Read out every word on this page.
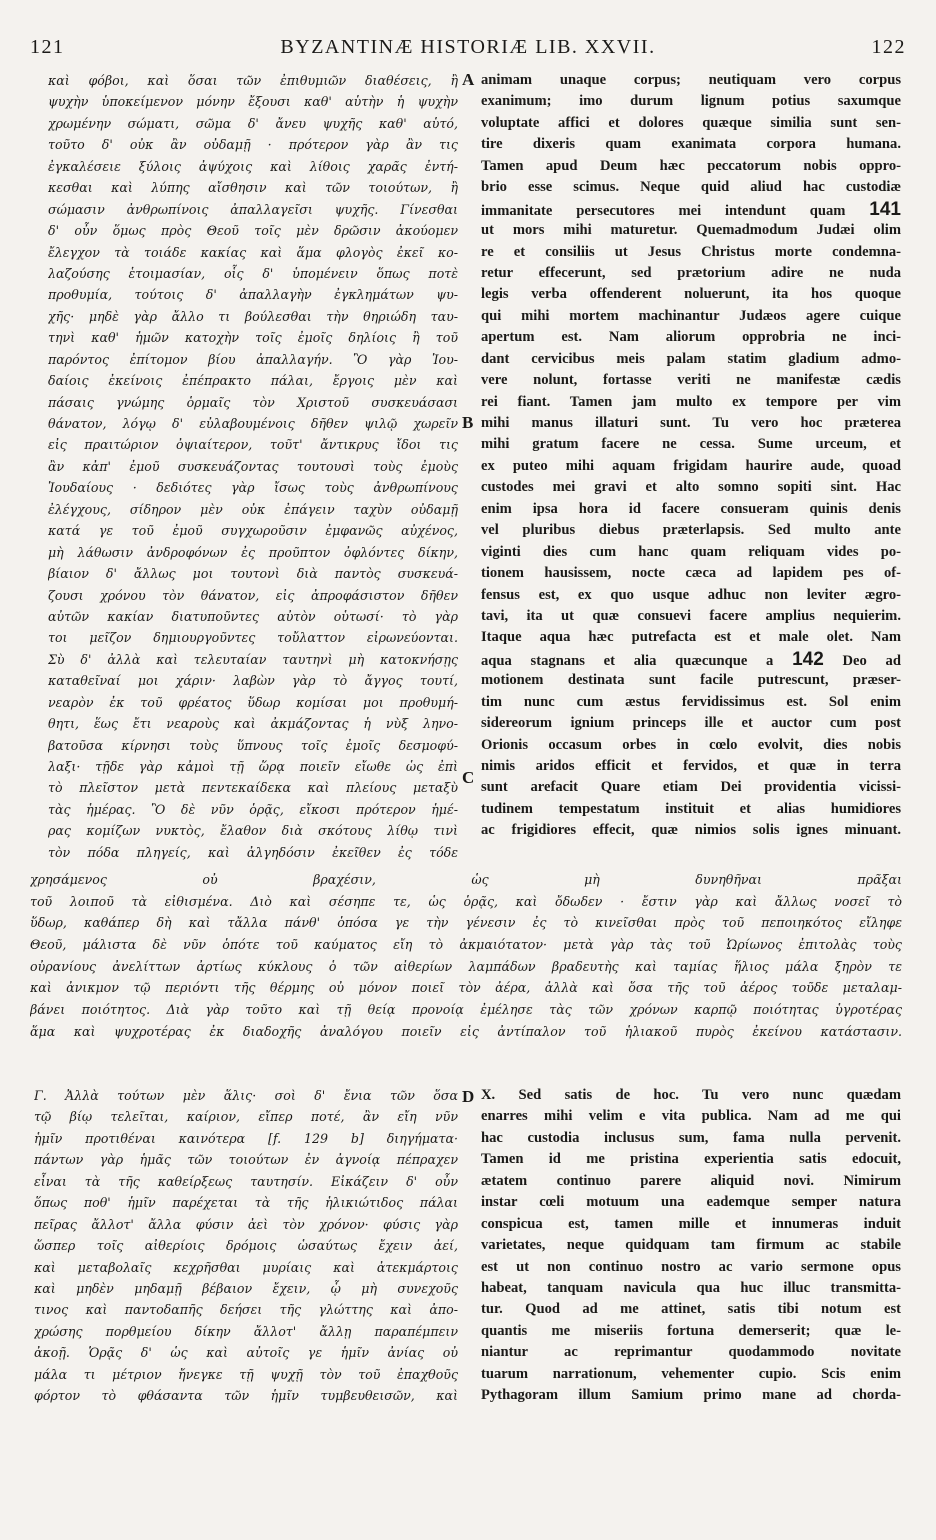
121	BYZANTINÆ HISTORIÆ LIB. XXVII.	122
καὶ φόβοι, καὶ ὅσαι τῶν ἐπιθυμιῶν διαθέσεις, ἢ
ψυχὴν ὑποκείμενον μόνην ἔξουσι καθ' αὑτὴν ἡ ψυχὴν
χρωμένην σώματι, σῶμα δ' ἄνευ ψυχῆς καθ' αὑτό,
τοῦτο δ' οὐκ ἂν οὐδαμῇ · πρότερον γὰρ ἂν τις
ἐγκαλέσειε ξύλοις ἀψύχοις καὶ λίθοις χαρᾶς ἐντή-
κεσθαι καὶ λύπης αἴσθησιν καὶ τῶν τοιούτων, ἢ
σώμασιν ἀνθρωπίνοις ἀπαλλαγεῖσι ψυχῆς. Γίνεσθαι
δ' οὖν ὅμως πρὸς Θεοῦ τοῖς μὲν δρῶσιν ἀκούομεν
ἔλεγχον τὰ τοιάδε κακίας καὶ ἅμα φλογὸς ἐκεῖ κο-
λαζούσης ἑτοιμασίαν, οἷς δ' ὑπομένειν ὅπως ποτὲ
προθυμία, τούτοις δ' ἀπαλλαγὴν ἐγκλημάτων ψυ-
χῆς· μηδὲ γὰρ ἄλλο τι βούλεσθαι τὴν θηριώδη ταυ-
τηνὶ καθ' ἡμῶν κατοχὴν τοῖς ἐμοῖς δηλίοις ἢ τοῦ
παρόντος ἐπίτομον βίου ἀπαλλαγήν. Ὃ γὰρ Ἰου-
δαίοις ἐκείνοις ἐπέπρακτο πάλαι, ἔργοις μὲν καὶ
πάσαις γνώμης ὁρμαῖς τὸν Χριστοῦ συσκευάσασι
θάνατον, λόγῳ δ' εὐλαβουμένοις δῆθεν ψιλῷ χωρεῖν
εἰς πραιτώριον ὀψιαίτερον, τοῦτ' ἄντικρυς ἴδοι τις
ἂν κἀπ' ἐμοῦ συσκευάζοντας τουτουσὶ τοὺς ἐμοὺς
Ἰουδαίους · δεδιότες γὰρ ἴσως τοὺς ἀνθρωπίνους
ἐλέγχους, σίδηρον μὲν οὐκ ἐπάγειν ταχὺν οὐδαμῇ
κατά γε τοῦ ἐμοῦ συγχωροῦσιν ἐμφανῶς αὐχένος,
μὴ λάθωσιν ἀνδροφόνων ἐς προῦπτον ὀφλόντες δίκην,
βίαιον δ' ἄλλως μοι τουτονὶ διὰ παντὸς συσκευά-
ζουσι χρόνου τὸν θάνατον, εἰς ἀπροφάσιστον δῆθεν
αὐτῶν κακίαν διατυποῦντες αὐτὸν οὑτωσί· τὸ γὰρ
τοι μεῖζον δημιουργοῦντες τοὔλαττον εἰρωνεύονται.
Σὺ δ' ἀλλὰ καὶ τελευταίαν ταυτηνὶ μὴ κατοκνήσῃς
καταθεῖναί μοι χάριν· λαβὼν γὰρ τὸ ἄγγος τουτί,
νεαρὸν ἐκ τοῦ φρέατος ὕδωρ κομίσαι μοι προθυμή-
θητι, ἕως ἔτι νεαροὺς καὶ ἀκμάζοντας ἡ νὺξ ληνο-
βατοῦσα κίρνησι τοὺς ὕπνους τοῖς ἐμοῖς δεσμοφύ-
λαξι· τῇδε γὰρ κἀμοὶ τῇ ὥρᾳ ποιεῖν εἴωθε ὡς ἐπὶ
τὸ πλεῖστον μετὰ πεντεκαίδεκα καὶ πλείους μεταξὺ
τὰς ἡμέρας. Ὃ δὲ νῦν ὁρᾷς, εἴκοσι πρότερον ἡμέ-
ρας κομίζων νυκτὸς, ἔλαθον διὰ σκότους λίθῳ τινὶ
τὸν πόδα πληγείς, καὶ ἀλγηδόσιν ἐκεῖθεν ἐς τόδε
animam unaque corpus; neutiquam vero corpus
exanimum; imo durum lignum potius saxumque
voluptate affici et dolores quæque similia sunt sen-
tire dixeris quam exanimata corpora humana.
Tamen apud Deum hæc peccatorum nobis oppro-
brio esse scimus. Neque quid aliud hac custodiæ
immanitate persecutores mei intendunt quam 141
ut mors mihi maturetur. Quemadmodum Judæi olim
re et consiliis ut Jesus Christus morte condemna-
retur effecerunt, sed prætorium adire ne nuda
legis verba offenderent noluerunt, ita hos quoque
qui mihi mortem machinantur Judæos agere cuique
apertum est. Nam aliorum opprobria ne inci-
dant cervicibus meis palam statim gladium admo-
vere nolunt, fortasse veriti ne manifestæ cædis
rei fiant. Tamen jam multo ex tempore per vim
mihi manus illaturi sunt. Tu vero hoc præterea
mihi gratum facere ne cessa. Sume urceum, et
ex puteo mihi aquam frigidam haurire aude, quoad
custodes mei gravi et alto somno sopiti sint. Hac
enim ipsa hora id facere consueram quinis denis
vel pluribus diebus præterlapsis. Sed multo ante
viginti dies cum hanc quam reliquam vides po-
tionem hausissem, nocte cæca ad lapidem pes of-
fensus est, ex quo usque adhuc non leviter ægro-
tavi, ita ut quæ consuevi facere amplius nequierim.
Itaque aqua hæc putrefacta est et male olet. Nam
aqua stagnans et alia quæcunque a 142 Deo ad
motionem destinata sunt facile putrescunt, præser-
tim nunc cum æstus fervidissimus est. Sol enim
sidereorum ignium princeps ille et auctor cum post
Orionis occasum orbes in cœlo evolvit, dies nobis
nimis aridos efficit et fervidos, et quæ in terra
sunt arefacit Quare etiam Dei providentia vicissi-
tudinem tempestatum instituit et alias humidiores
ac frigidiores effecit, quæ nimios solis ignes minuant.
A
B
C
D
χρησάμενος οὐ βραχέσιν, ὡς μὴ δυνηθῆναι πρᾶξαι
τοῦ λοιποῦ τὰ εἰθισμένα. Διὸ καὶ σέσηπε τε, ὡς ὁρᾷς, καὶ ὄδωδεν · ἔστιν γὰρ καὶ ἄλλως νοσεῖ τὸ
ὕδωρ, καθάπερ δὴ καὶ τἄλλα πάνθ' ὁπόσα γε τὴν γένεσιν ἐς τὸ κινεῖσθαι πρὸς τοῦ πεποιηκότος εἴληφε
Θεοῦ, μάλιστα δὲ νῦν ὁπότε τοῦ καύματος εἴη τὸ ἀκμαιότατον· μετὰ γὰρ τὰς τοῦ Ὠρίωνος ἐπιτολὰς τοὺς
οὐρανίους ἀνελίττων ἀρτίως κύκλους ὁ τῶν αἰθερίων λαμπάδων βραδευτὴς καὶ ταμίας ἥλιος μάλα ξηρὸν τε
καὶ ἀνικμον τῷ περιόντι τῆς θέρμης οὐ μόνον ποιεῖ τὸν ἀέρα, ἀλλὰ καὶ ὅσα τῆς τοῦ ἀέρος τοῦδε μεταλαμ-
βάνει ποιότητος. Διὰ γὰρ τοῦτο καὶ τῇ θείᾳ προνοίᾳ ἐμέλησε τὰς τῶν χρόνων καρπῷ ποιότητας ὑγροτέρας
ἅμα καὶ ψυχροτέρας ἐκ διαδοχῆς ἀναλόγου ποιεῖν εἰς ἀντίπαλον τοῦ ἡλιακοῦ πυρὸς ἐκείνου κατάστασιν.
Γ. Ἀλλὰ τούτων μὲν ἅλις· σοὶ δ' ἔνια τῶν ὅσα
τῷ βίῳ τελεῖται, καίριον, εἴπερ ποτέ, ἂν εἴη νῦν
ἡμῖν προτιθέναι καινότερα [f. 129 b] διηγήματα·
πάντων γὰρ ἡμᾶς τῶν τοιούτων ἐν ἀγνοίᾳ πέπραχεν
εἶναι τὰ τῆς καθείρξεως ταυτησίν. Εἰκάζειν δ' οὖν
ὅπως ποθ' ἡμῖν παρέχεται τὰ τῆς ἡλικιώτιδος πάλαι
πεῖρας ἄλλοτ' ἄλλα φύσιν ἀεὶ τὸν χρόνον· φύσις γὰρ
ὥσπερ τοῖς αἰθερίοις δρόμοις ὡσαύτως ἔχειν ἀεί,
καὶ μεταβολαῖς κεχρῆσθαι μυρίαις καὶ ἀτεκμάρτοις
καὶ μηδὲν μηδαμῇ βέβαιον ἔχειν, ᾧ μὴ συνεχοῦς
τινος καὶ παντοδαπῆς δεήσει τῆς γλώττης καὶ ἀπο-
χρώσης πορθμείου δίκην ἄλλοτ' ἄλλῃ παραπέμπειν
ἀκοῇ. Ὁρᾷς δ' ὡς καὶ αὐτοῖς γε ἡμῖν ἀνίας οὐ
μάλα τι μέτριον ἤνεγκε τῇ ψυχῇ τὸν τοῦ ἐπαχθοῦς
φόρτον τὸ φθάσαντα τῶν ἡμῖν τυμβευθεισῶν, καὶ
X. Sed satis de hoc. Tu vero nunc quædam
enarres mihi velim e vita publica. Nam ad me qui
hac custodia inclusus sum, fama nulla pervenit.
Tamen id me pristina experientia satis edocuit,
ætatem continuo parere aliquid novi. Nimirum
instar cœli motuum una eademque semper natura
conspicua est, tamen mille et innumeras induit
varietates, neque quidquam tam firmum ac stabile
est ut non continuo nostro ac vario sermone opus
habeat, tanquam navicula qua huc illuc transmitta-
tur. Quod ad me attinet, satis tibi notum est
quantis me miseriis fortuna demerserit; quæ le-
niantur ac reprimantur quodammodo novitate
tuarum narrationum, vehementer cupio. Scis enim
Pythagoram illum Samium primo mane ad chorda-
